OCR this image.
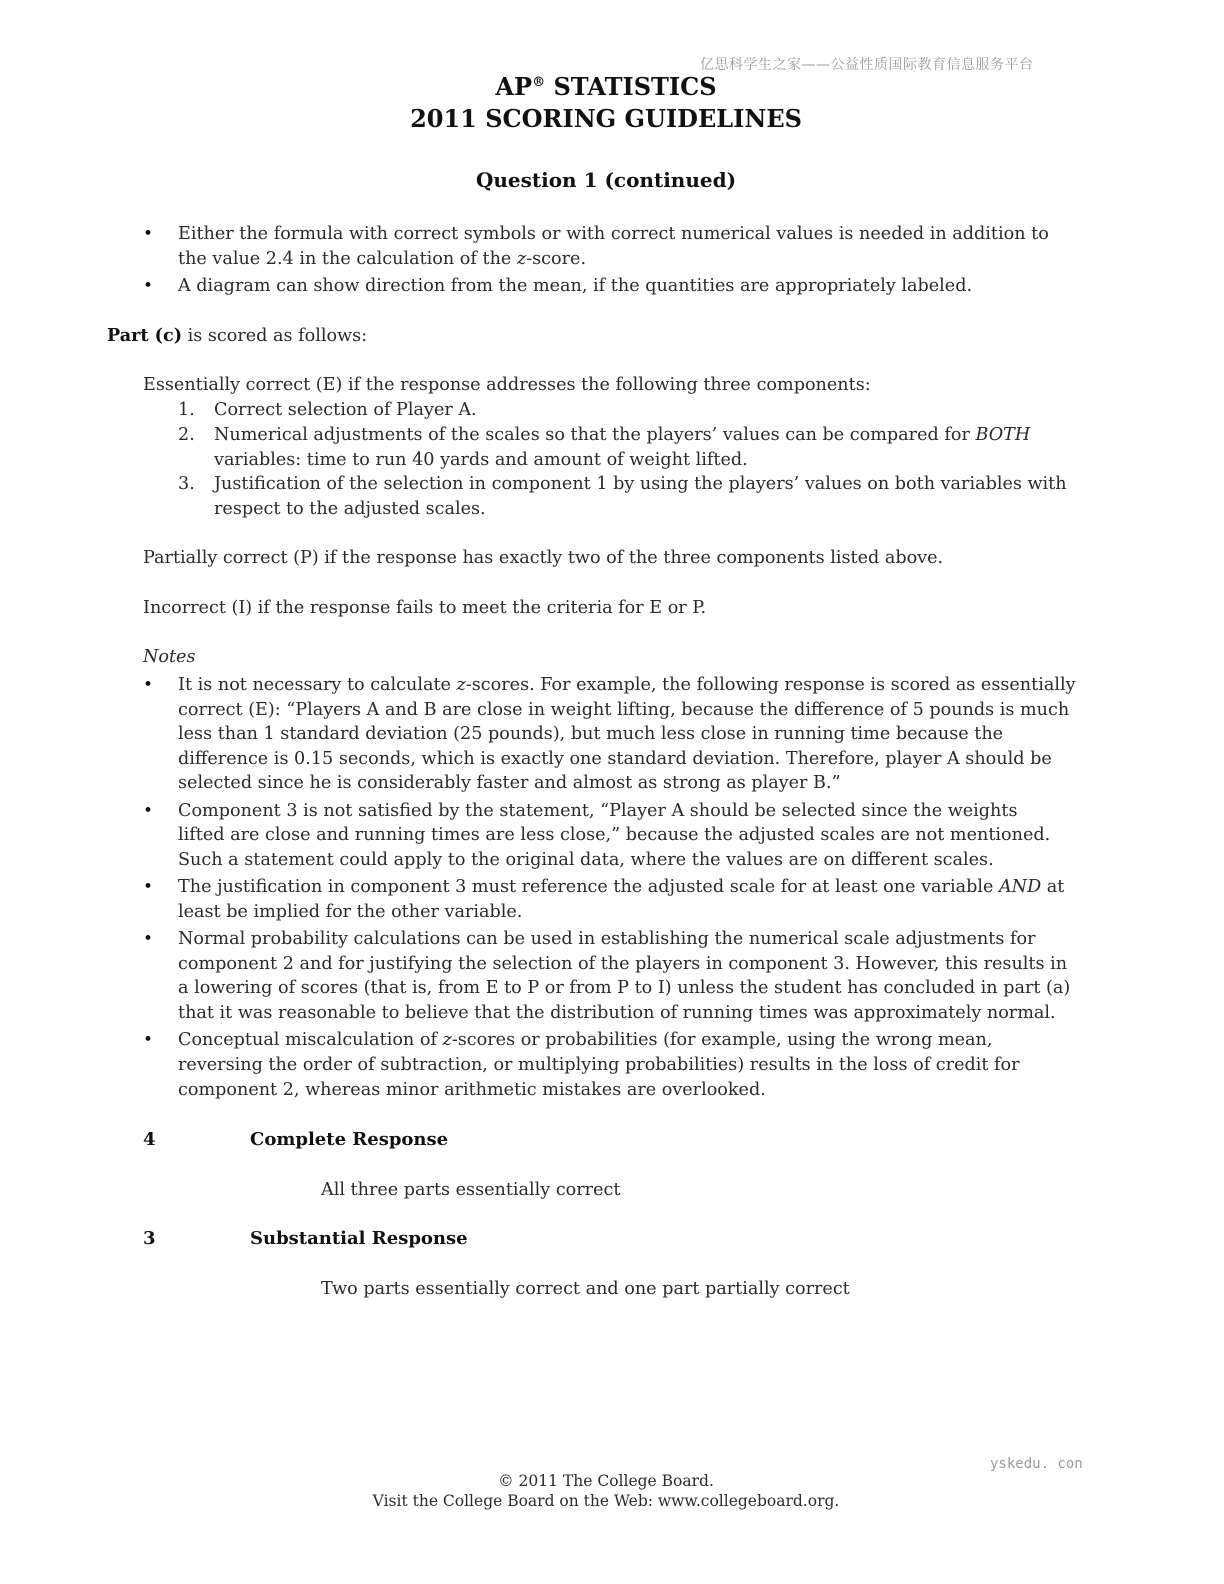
亿思科学生之家——公益性质国际教育信息服务平台
yskedu. con
AP® STATISTICS
2011 SCORING GUIDELINES
Question 1 (continued)
• Either the formula with correct symbols or with correct numerical values is needed in addition to
the value 2.4 in the calculation of the z-score.
• A diagram can show direction from the mean, if the quantities are appropriately labeled.
Part (c) is scored as follows:
Essentially correct (E) if the response addresses the following three components:
1. Correct selection of Player A.
2. Numerical adjustments of the scales so that the players’ values can be compared for BOTH
variables: time to run 40 yards and amount of weight lifted.
3. Justification of the selection in component 1 by using the players’ values on both variables with
respect to the adjusted scales.
Partially correct (P) if the response has exactly two of the three components listed above.
Incorrect (I) if the response fails to meet the criteria for E or P.
Notes
• It is not necessary to calculate z-scores. For example, the following response is scored as essentially
correct (E): “Players A and B are close in weight lifting, because the difference of 5 pounds is much
less than 1 standard deviation (25 pounds), but much less close in running time because the
difference is 0.15 seconds, which is exactly one standard deviation. Therefore, player A should be
selected since he is considerably faster and almost as strong as player B.”
• Component 3 is not satisfied by the statement, “Player A should be selected since the weights
lifted are close and running times are less close,” because the adjusted scales are not mentioned.
Such a statement could apply to the original data, where the values are on different scales.
• The justification in component 3 must reference the adjusted scale for at least one variable AND at
least be implied for the other variable.
• Normal probability calculations can be used in establishing the numerical scale adjustments for
component 2 and for justifying the selection of the players in component 3. However, this results in
a lowering of scores (that is, from E to P or from P to I) unless the student has concluded in part (a)
that it was reasonable to believe that the distribution of running times was approximately normal.
• Conceptual miscalculation of z-scores or probabilities (for example, using the wrong mean,
reversing the order of subtraction, or multiplying probabilities) results in the loss of credit for
component 2, whereas minor arithmetic mistakes are overlooked.
4	Complete Response
All three parts essentially correct
3	Substantial Response
Two parts essentially correct and one part partially correct
© 2011 The College Board.
Visit the College Board on the Web: www.collegeboard.org.
